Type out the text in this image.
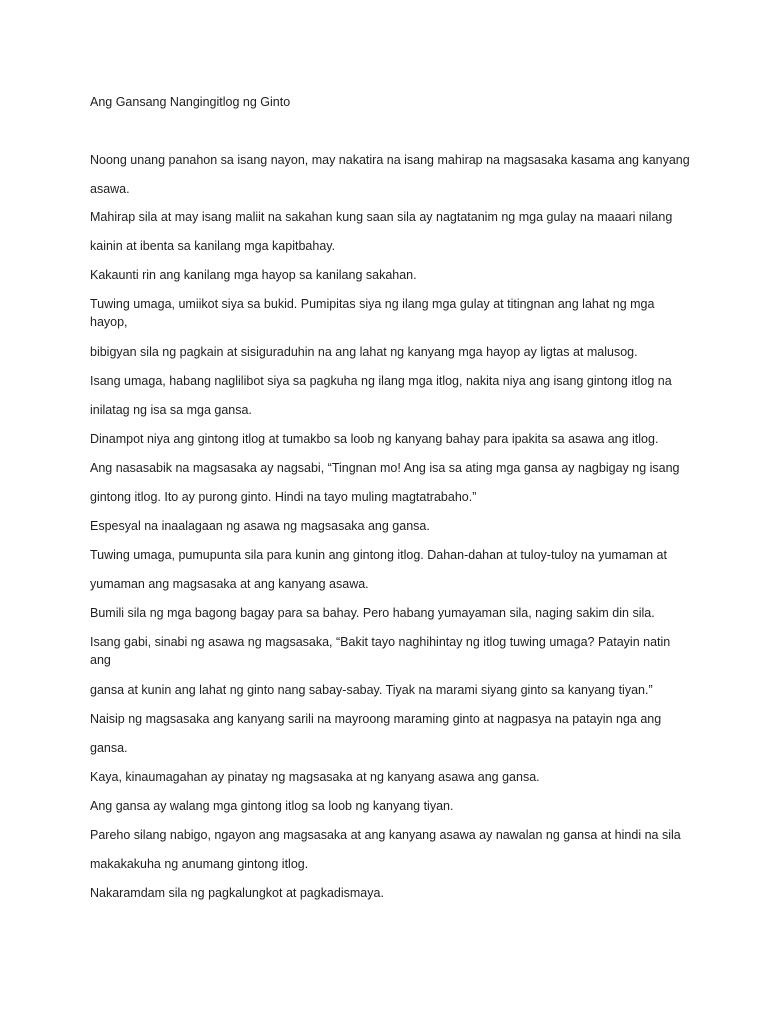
Ang Gansang Nangingitlog ng Ginto

Noong unang panahon sa isang nayon, may nakatira na isang mahirap na magsasaka kasama ang kanyang

asawa.

Mahirap sila at may isang maliit na sakahan kung saan sila ay nagtatanim ng mga gulay na maaari nilang

kainin at ibenta sa kanilang mga kapitbahay.

Kakaunti rin ang kanilang mga hayop sa kanilang sakahan.

Tuwing umaga, umiikot siya sa bukid. Pumipitas siya ng ilang mga gulay at titingnan ang lahat ng mga

hayop,

bibigyan sila ng pagkain at sisiguraduhin na ang lahat ng kanyang mga hayop ay ligtas at malusog.

Isang umaga, habang naglilibot siya sa pagkuha ng ilang mga itlog, nakita niya ang isang gintong itlog na

inilatag ng isa sa mga gansa.

Dinampot niya ang gintong itlog at tumakbo sa loob ng kanyang bahay para ipakita sa asawa ang itlog.

Ang nasasabik na magsasaka ay nagsabi, “Tingnan mo! Ang isa sa ating mga gansa ay nagbigay ng isang

gintong itlog. Ito ay purong ginto. Hindi na tayo muling magtatrabaho.”

Espesyal na inaalagaan ng asawa ng magsasaka ang gansa.

Tuwing umaga, pumupunta sila para kunin ang gintong itlog. Dahan-dahan at tuloy-tuloy na yumaman at

yumaman ang magsasaka at ang kanyang asawa.

Bumili sila ng mga bagong bagay para sa bahay. Pero habang yumayaman sila, naging sakim din sila.

Isang gabi, sinabi ng asawa ng magsasaka, “Bakit tayo naghihintay ng itlog tuwing umaga? Patayin natin

ang

gansa at kunin ang lahat ng ginto nang sabay-sabay. Tiyak na marami siyang ginto sa kanyang tiyan.”

Naisip ng magsasaka ang kanyang sarili na mayroong maraming ginto at nagpasya na patayin nga ang

gansa.

Kaya, kinaumagahan ay pinatay ng magsasaka at ng kanyang asawa ang gansa.

Ang gansa ay walang mga gintong itlog sa loob ng kanyang tiyan.

Pareho silang nabigo, ngayon ang magsasaka at ang kanyang asawa ay nawalan ng gansa at hindi na sila

makakakuha ng anumang gintong itlog.

Nakaramdam sila ng pagkalungkot at pagkadismaya.
